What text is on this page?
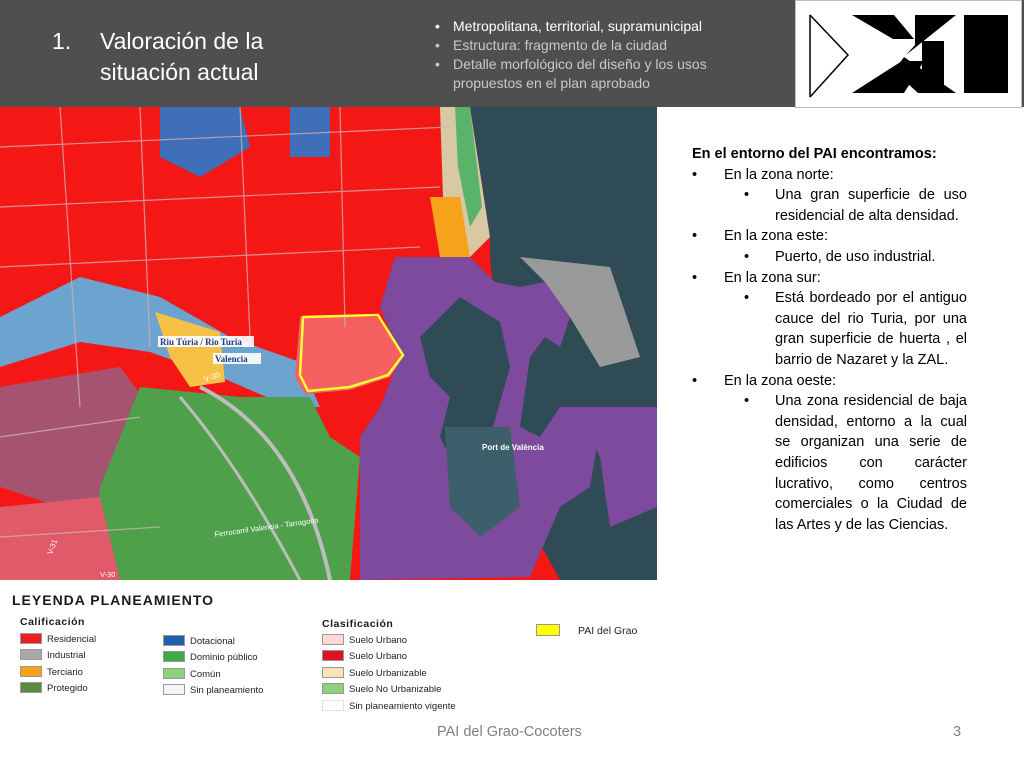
1. Valoración de la
situación actual
• Metropolitana, territorial, supramunicipal
• Estructura: fragmento de la ciudad
• Detalle morfológico del diseño y los usos propuestos en el plan aprobado
Riu Túria / Rio Turia
Valencia
V-30
Port de València
Ferrocarril Valencia - Tarragona
V-31
V-30
En el entorno del PAI encontramos:
• En la zona norte:
• Una gran superficie de uso residencial de alta densidad.
• En la zona este:
• Puerto, de uso industrial.
• En la zona sur:
• Está bordeado por el antiguo cauce del rio Turia, por una gran superficie de huerta , el barrio de Nazaret y la ZAL.
• En la zona oeste:
• Una zona residencial de baja densidad, entorno a la cual se organizan una serie de edificios con carácter lucrativo, como centros comerciales o la Ciudad de las Artes y de las Ciencias.
LEYENDA PLANEAMIENTO
Calificación
Residencial
Industrial
Terciario
Protegido
Dotacional
Dominio público
Común
Sin planeamiento
Clasificación
Suelo Urbano
Suelo Urbano
Suelo Urbanizable
Suelo No Urbanizable
Sin planeamiento vigente
PAI del Grao
PAI del Grao-Cocoters	3
